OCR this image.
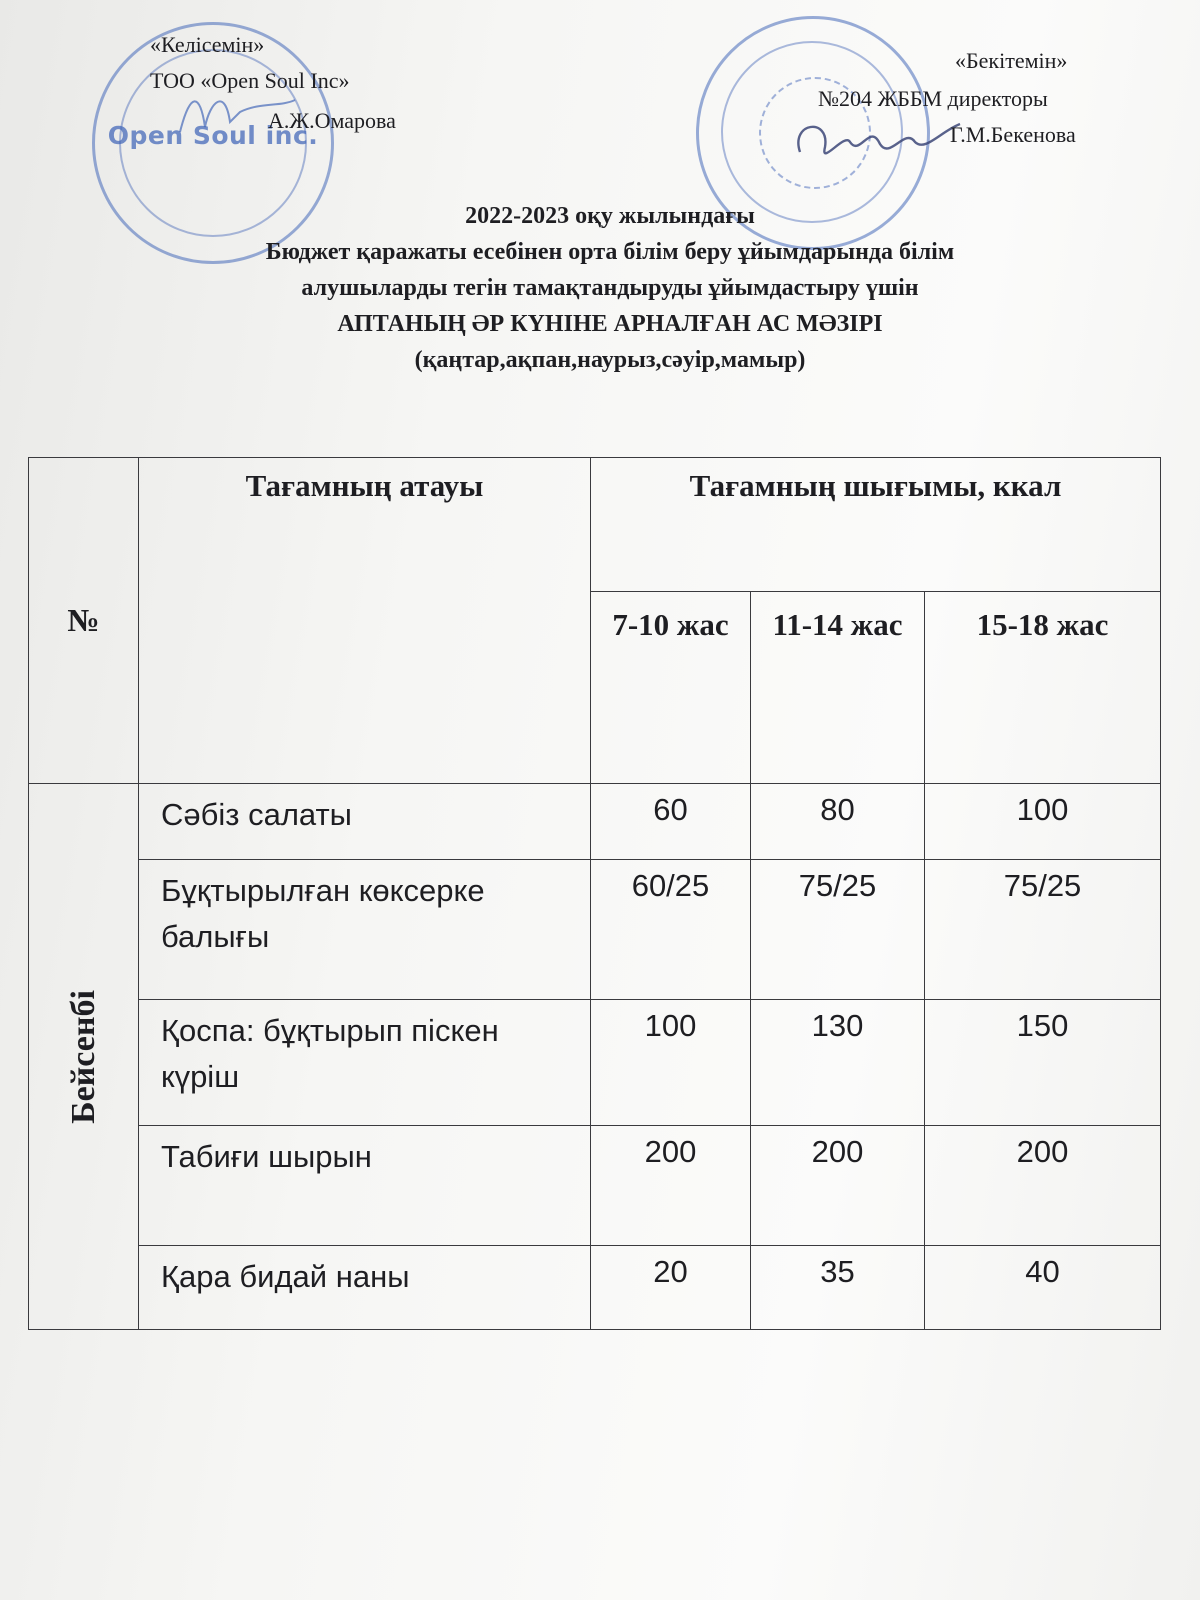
Open Soul inc.
«Келісемін»
ТОО «Open Soul Inc»
А.Ж.Омарова
«Бекітемін»
№204 ЖББМ директоры
Г.М.Бекенова
2022-2023 оқу жылындағы
Бюджет қаражаты есебінен орта білім беру ұйымдарында білім
алушыларды тегін тамақтандыруды ұйымдастыру үшін
АПТАНЫҢ ӘР КҮНІНЕ АРНАЛҒАН АС МӘЗІРІ
(қаңтар,ақпан,наурыз,сәуір,мамыр)
№	Тағамның атауы	Тағамның шығымы, ккал		
		7-10 жас	11-14 жас	15-18 жас

Бейсенбі	Сәбіз салаты	60	80	100
	Бұқтырылған көксерке балығы	60/25	75/25	75/25
	Қоспа: бұқтырып піскен күріш	100	130	150
	Табиғи шырын	200	200	200
	Қара бидай наны	20	35	40
